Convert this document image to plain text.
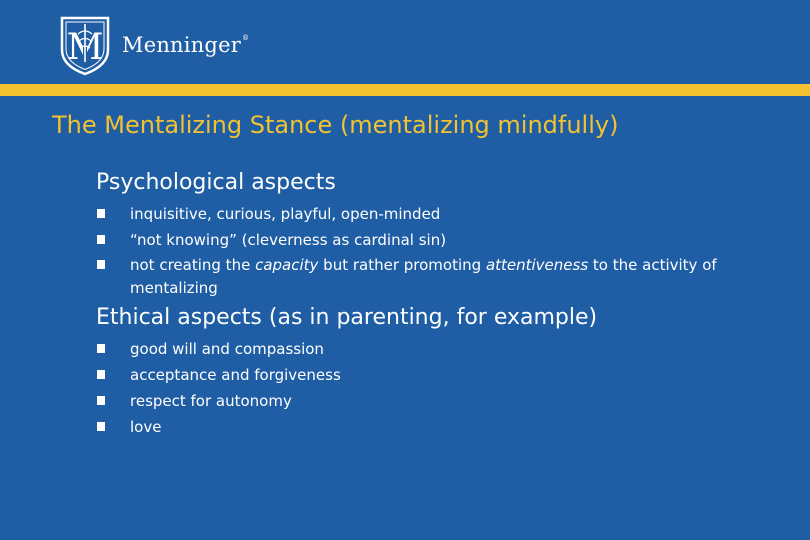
M Menninger®
The Mentalizing Stance (mentalizing mindfully)
Psychological aspects
inquisitive, curious, playful, open-minded
“not knowing” (cleverness as cardinal sin)
not creating the capacity but rather promoting attentiveness to the activity of mentalizing
Ethical aspects (as in parenting, for example)
good will and compassion
acceptance and forgiveness
respect for autonomy
love
